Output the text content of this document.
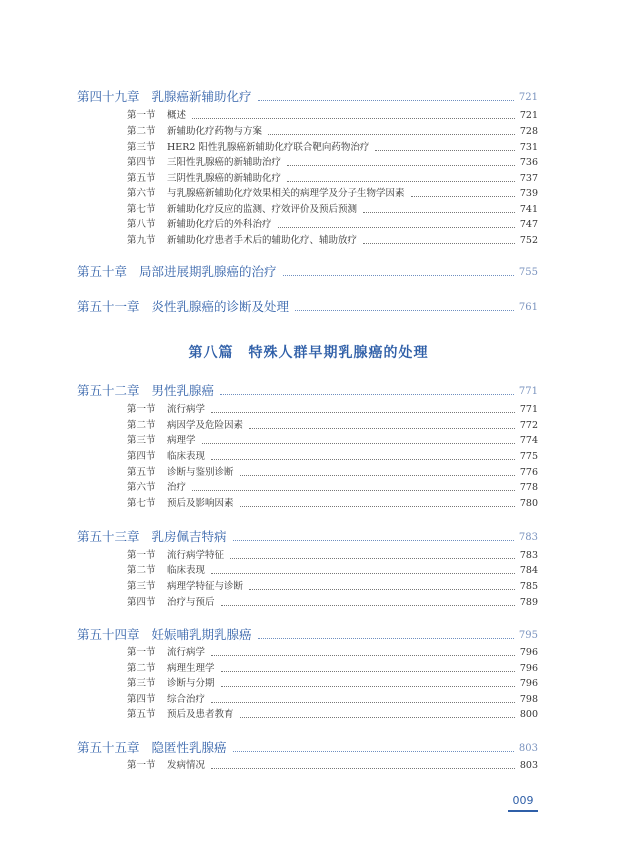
第四十九章 乳腺癌新辅助化疗	721
第一节	概述	721
第二节	新辅助化疗药物与方案	728
第三节	HER2 阳性乳腺癌新辅助化疗联合靶向药物治疗	731
第四节	三阳性乳腺癌的新辅助治疗	736
第五节	三阴性乳腺癌的新辅助化疗	737
第六节	与乳腺癌新辅助化疗效果相关的病理学及分子生物学因素	739
第七节	新辅助化疗反应的监测、疗效评价及预后预测	741
第八节	新辅助化疗后的外科治疗	747
第九节	新辅助化疗患者手术后的辅助化疗、辅助放疗	752
第五十章 局部进展期乳腺癌的治疗	755
第五十一章 炎性乳腺癌的诊断及处理	761
第八篇　特殊人群早期乳腺癌的处理
第五十二章 男性乳腺癌	771
第一节	流行病学	771
第二节	病因学及危险因素	772
第三节	病理学	774
第四节	临床表现	775
第五节	诊断与鉴别诊断	776
第六节	治疗	778
第七节	预后及影响因素	780
第五十三章 乳房佩吉特病	783
第一节	流行病学特征	783
第二节	临床表现	784
第三节	病理学特征与诊断	785
第四节	治疗与预后	789
第五十四章 妊娠哺乳期乳腺癌	795
第一节	流行病学	796
第二节	病理生理学	796
第三节	诊断与分期	796
第四节	综合治疗	798
第五节	预后及患者教育	800
第五十五章 隐匿性乳腺癌	803
第一节	发病情况	803
009
